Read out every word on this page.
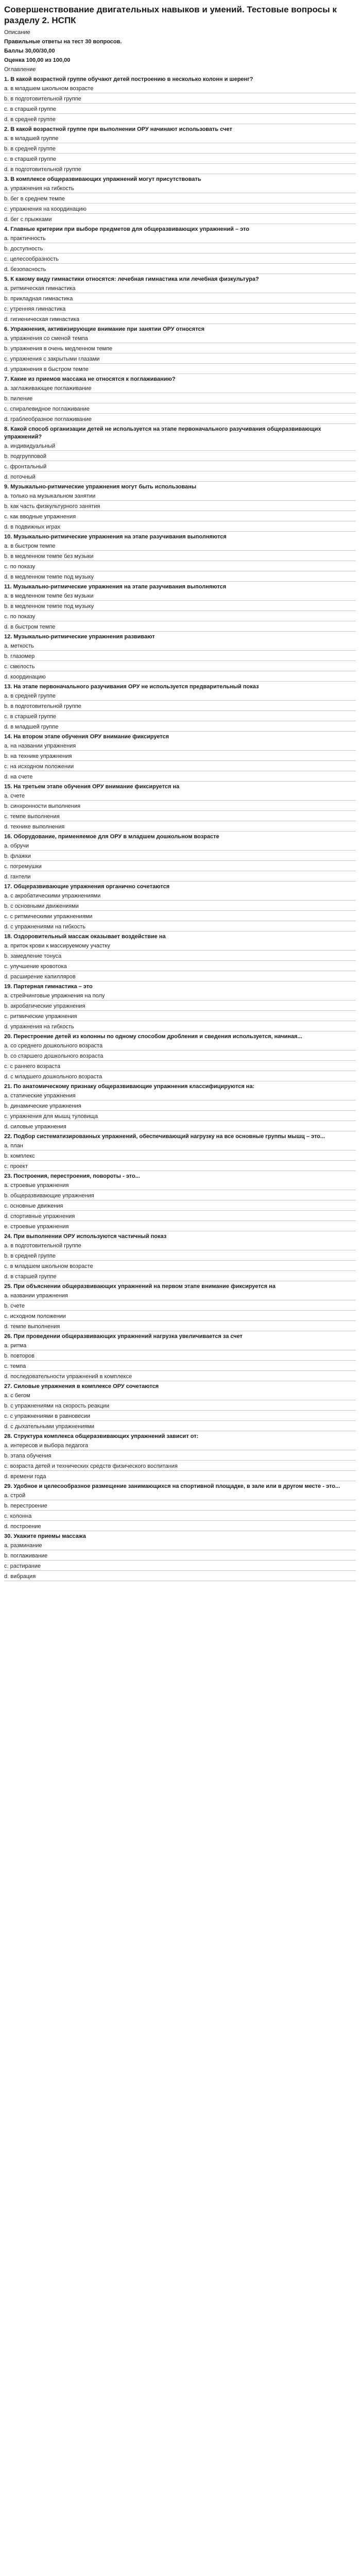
Совершенствование двигательных навыков и умений. Тестовые вопросы к разделу 2. НСПК
Описание
Правильные ответы на тест 30 вопросов.
Баллы 30,00/30,00
Оценка 100,00 из 100,00
Оглавление
1. В какой возрастной группе обучают детей построению в несколько колонн и шеренг?
а. в младшем школьном возрасте
b. в подготовительной группе
с. в старшей группе
d. в средней группе
2. В какой возрастной группе при выполнении ОРУ начинают использовать счет
а. в младшей группе
b. в средней группе
с. в старшей группе
d. в подготовительной группе
3. В комплексе общеразвивающих упражнений могут присутствовать
а. упражнения на гибкость
b. бег в среднем темпе
с. упражнения на координацию
d. бег с прыжками
4. Главные критерии при выборе предметов для общеразвивающих упражнений – это
а. практичность
b. доступность
с. целесообразность
d. безопасность
5. К какому виду гимнастики относятся: лечебная гимнастика или лечебная физкультура?
а. ритмическая гимнастика
b. прикладная гимнастика
с. утренняя гимнастика
d. гигиеническая гимнастика
6. Упражнения, активизирующие внимание при занятии ОРУ относятся
а. упражнения со сменой темпа
b. упражнения в очень медленном темпе
с. упражнения с закрытыми глазами
d. упражнения в быстром темпе
7. Какие из приемов массажа не относятся к поглаживанию?
а. заглаживающее поглаживание
b. пиление
с. спиралевидное поглаживание
d. граблеобразное поглаживание
8. Какой способ организации детей не используется на этапе первоначального разучивания общеразвивающих упражнений?
а. индивидуальный
b. подгрупповой
с. фронтальный
d. поточный
9. Музыкально-ритмические упражнения могут быть использованы
а. только на музыкальном занятии
b. как часть физкультурного занятия
с. как вводные упражнения
d. в подвижных играх
10. Музыкально-ритмические упражнения на этапе разучивания выполняются
а. в быстром темпе
b. в медленном темпе без музыки
с. по показу
d. в медленном темпе под музыку
11. Музыкально-ритмические упражнения на этапе разучивания выполняются
а. в медленном темпе без музыки
b. в медленном темпе под музыку
с. по показу
d. в быстром темпе
12. Музыкально-ритмические упражнения развивают
а. меткость
b. глазомер
с. смелость
d. координацию
13. На этапе первоначального разучивания ОРУ не используется предварительный показ
а. в средней группе
b. в подготовительной группе
с. в старшей группе
d. в младшей группе
14. На втором этапе обучения ОРУ внимание фиксируется
а. на названии упражнения
b. на технике упражнения
с. на исходном положении
d. на счете
15. На третьем этапе обучения ОРУ внимание фиксируется на
а. счете
b. синхронности выполнения
с. темпе выполнения
d. технике выполнения
16. Оборудование, применяемое для ОРУ в младшем дошкольном возрасте
а. обручи
b. флажки
с. погремушки
d. гантели
17. Общеразвивающие упражнения органично сочетаются
а. с акробатическими упражнениями
b. с основными движениями
с. с ритмическими упражнениями
d. с упражнениями на гибкость
18. Оздоровительный массаж оказывает воздействие на
а. приток крови к массируемому участку
b. замедление тонуса
с. улучшение кровотока
d. расширение капилляров
19. Партерная гимнастика – это
а. стрейчинговые упражнения на полу
b. акробатические упражнения
с. ритмические упражнения
d. упражнения на гибкость
20. Перестроение детей из колонны по одному способом дробления и сведения используется, начиная...
а. со среднего дошкольного возраста
b. со старшего дошкольного возраста
с. с раннего возраста
d. с младшего дошкольного возраста
21. По анатомическому признаку общеразвивающие упражнения классифицируются на:
а. статические упражнения
b. динамические упражнения
с. упражнения для мышц туловища
d. силовые упражнения
22. Подбор систематизированных упражнений, обеспечивающий нагрузку на все основные группы мышц – это...
а. план
b. комплекс
с. проект
23. Построения, перестроения, повороты - это...
а. строевые упражнения
b. общеразвивающие упражнения
с. основные движения
d. спортивные упражнения
е. строевые упражнения
24. При выполнении ОРУ используются частичный показ
а. в подготовительной группе
b. в средней группе
с. в младшем школьном возрасте
d. в старшей группе
25. При объяснении общеразвивающих упражнений на первом этапе внимание фиксируется на
а. названии упражнения
b. счете
с. исходном положении
d. темпе выполнения
26. При проведении общеразвивающих упражнений нагрузка увеличивается за счет
а. ритма
b. повторов
с. темпа
d. последовательности упражнений в комплексе
27. Силовые упражнения в комплексе ОРУ сочетаются
а. с бегом
b. с упражнениями на скорость реакции
с. с упражнениями в равновесии
d. с дыхательными упражнениями
28. Структура комплекса общеразвивающих упражнений зависит от:
а. интересов и выбора педагога
b. этапа обучения
с. возраста детей и технических средств физического воспитания
d. времени года
29. Удобное и целесообразное размещение занимающихся на спортивной площадке, в зале или в другом месте - это...
а. строй
b. перестроение
с. колонна
d. построение
30. Укажите приемы массажа
а. разминание
b. поглаживание
с. растирание
d. вибрация
